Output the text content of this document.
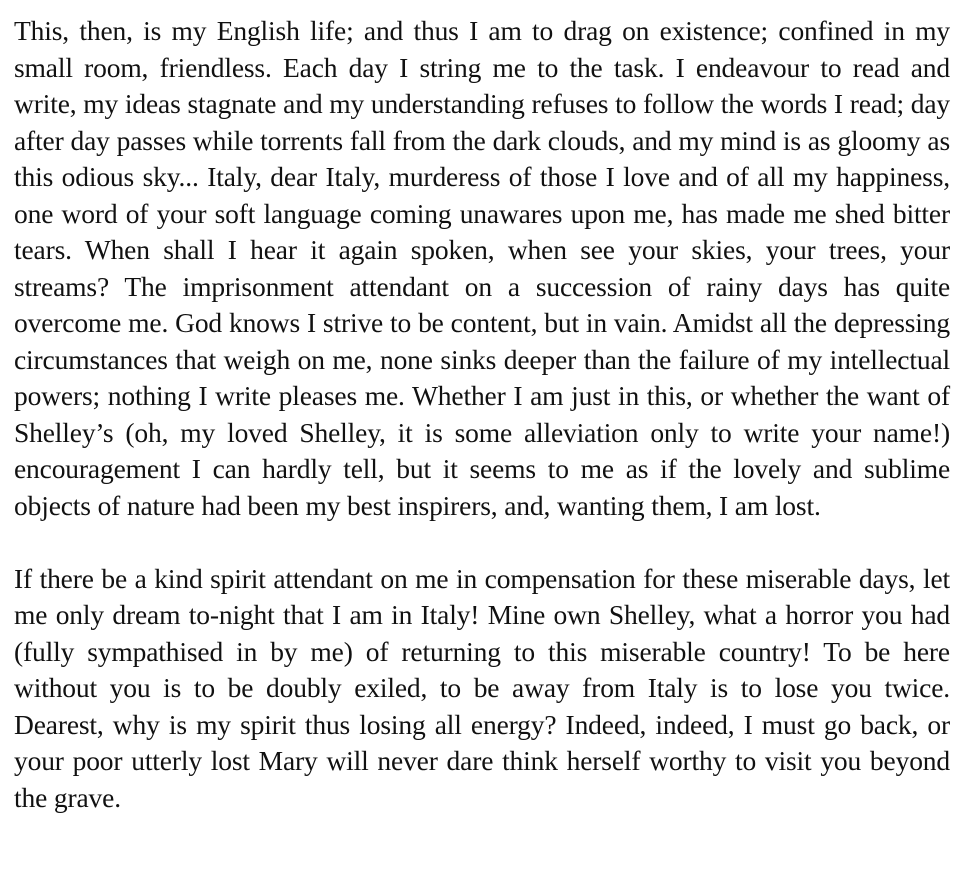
This, then, is my English life; and thus I am to drag on existence; confined in my small room, friendless. Each day I string me to the task. I endeavour to read and write, my ideas stagnate and my understanding refuses to follow the words I read; day after day passes while torrents fall from the dark clouds, and my mind is as gloomy as this odious sky... Italy, dear Italy, murderess of those I love and of all my happiness, one word of your soft language coming unawares upon me, has made me shed bitter tears. When shall I hear it again spoken, when see your skies, your trees, your streams? The imprisonment attendant on a succession of rainy days has quite overcome me. God knows I strive to be content, but in vain. Amidst all the depressing circumstances that weigh on me, none sinks deeper than the failure of my intellectual powers; nothing I write pleases me. Whether I am just in this, or whether the want of Shelley’s (oh, my loved Shelley, it is some alleviation only to write your name!) encouragement I can hardly tell, but it seems to me as if the lovely and sublime objects of nature had been my best inspirers, and, wanting them, I am lost.

If there be a kind spirit attendant on me in compensation for these miserable days, let me only dream to-night that I am in Italy! Mine own Shelley, what a horror you had (fully sympathised in by me) of returning to this miserable country! To be here without you is to be doubly exiled, to be away from Italy is to lose you twice. Dearest, why is my spirit thus losing all energy? Indeed, indeed, I must go back, or your poor utterly lost Mary will never dare think herself worthy to visit you beyond the grave.
